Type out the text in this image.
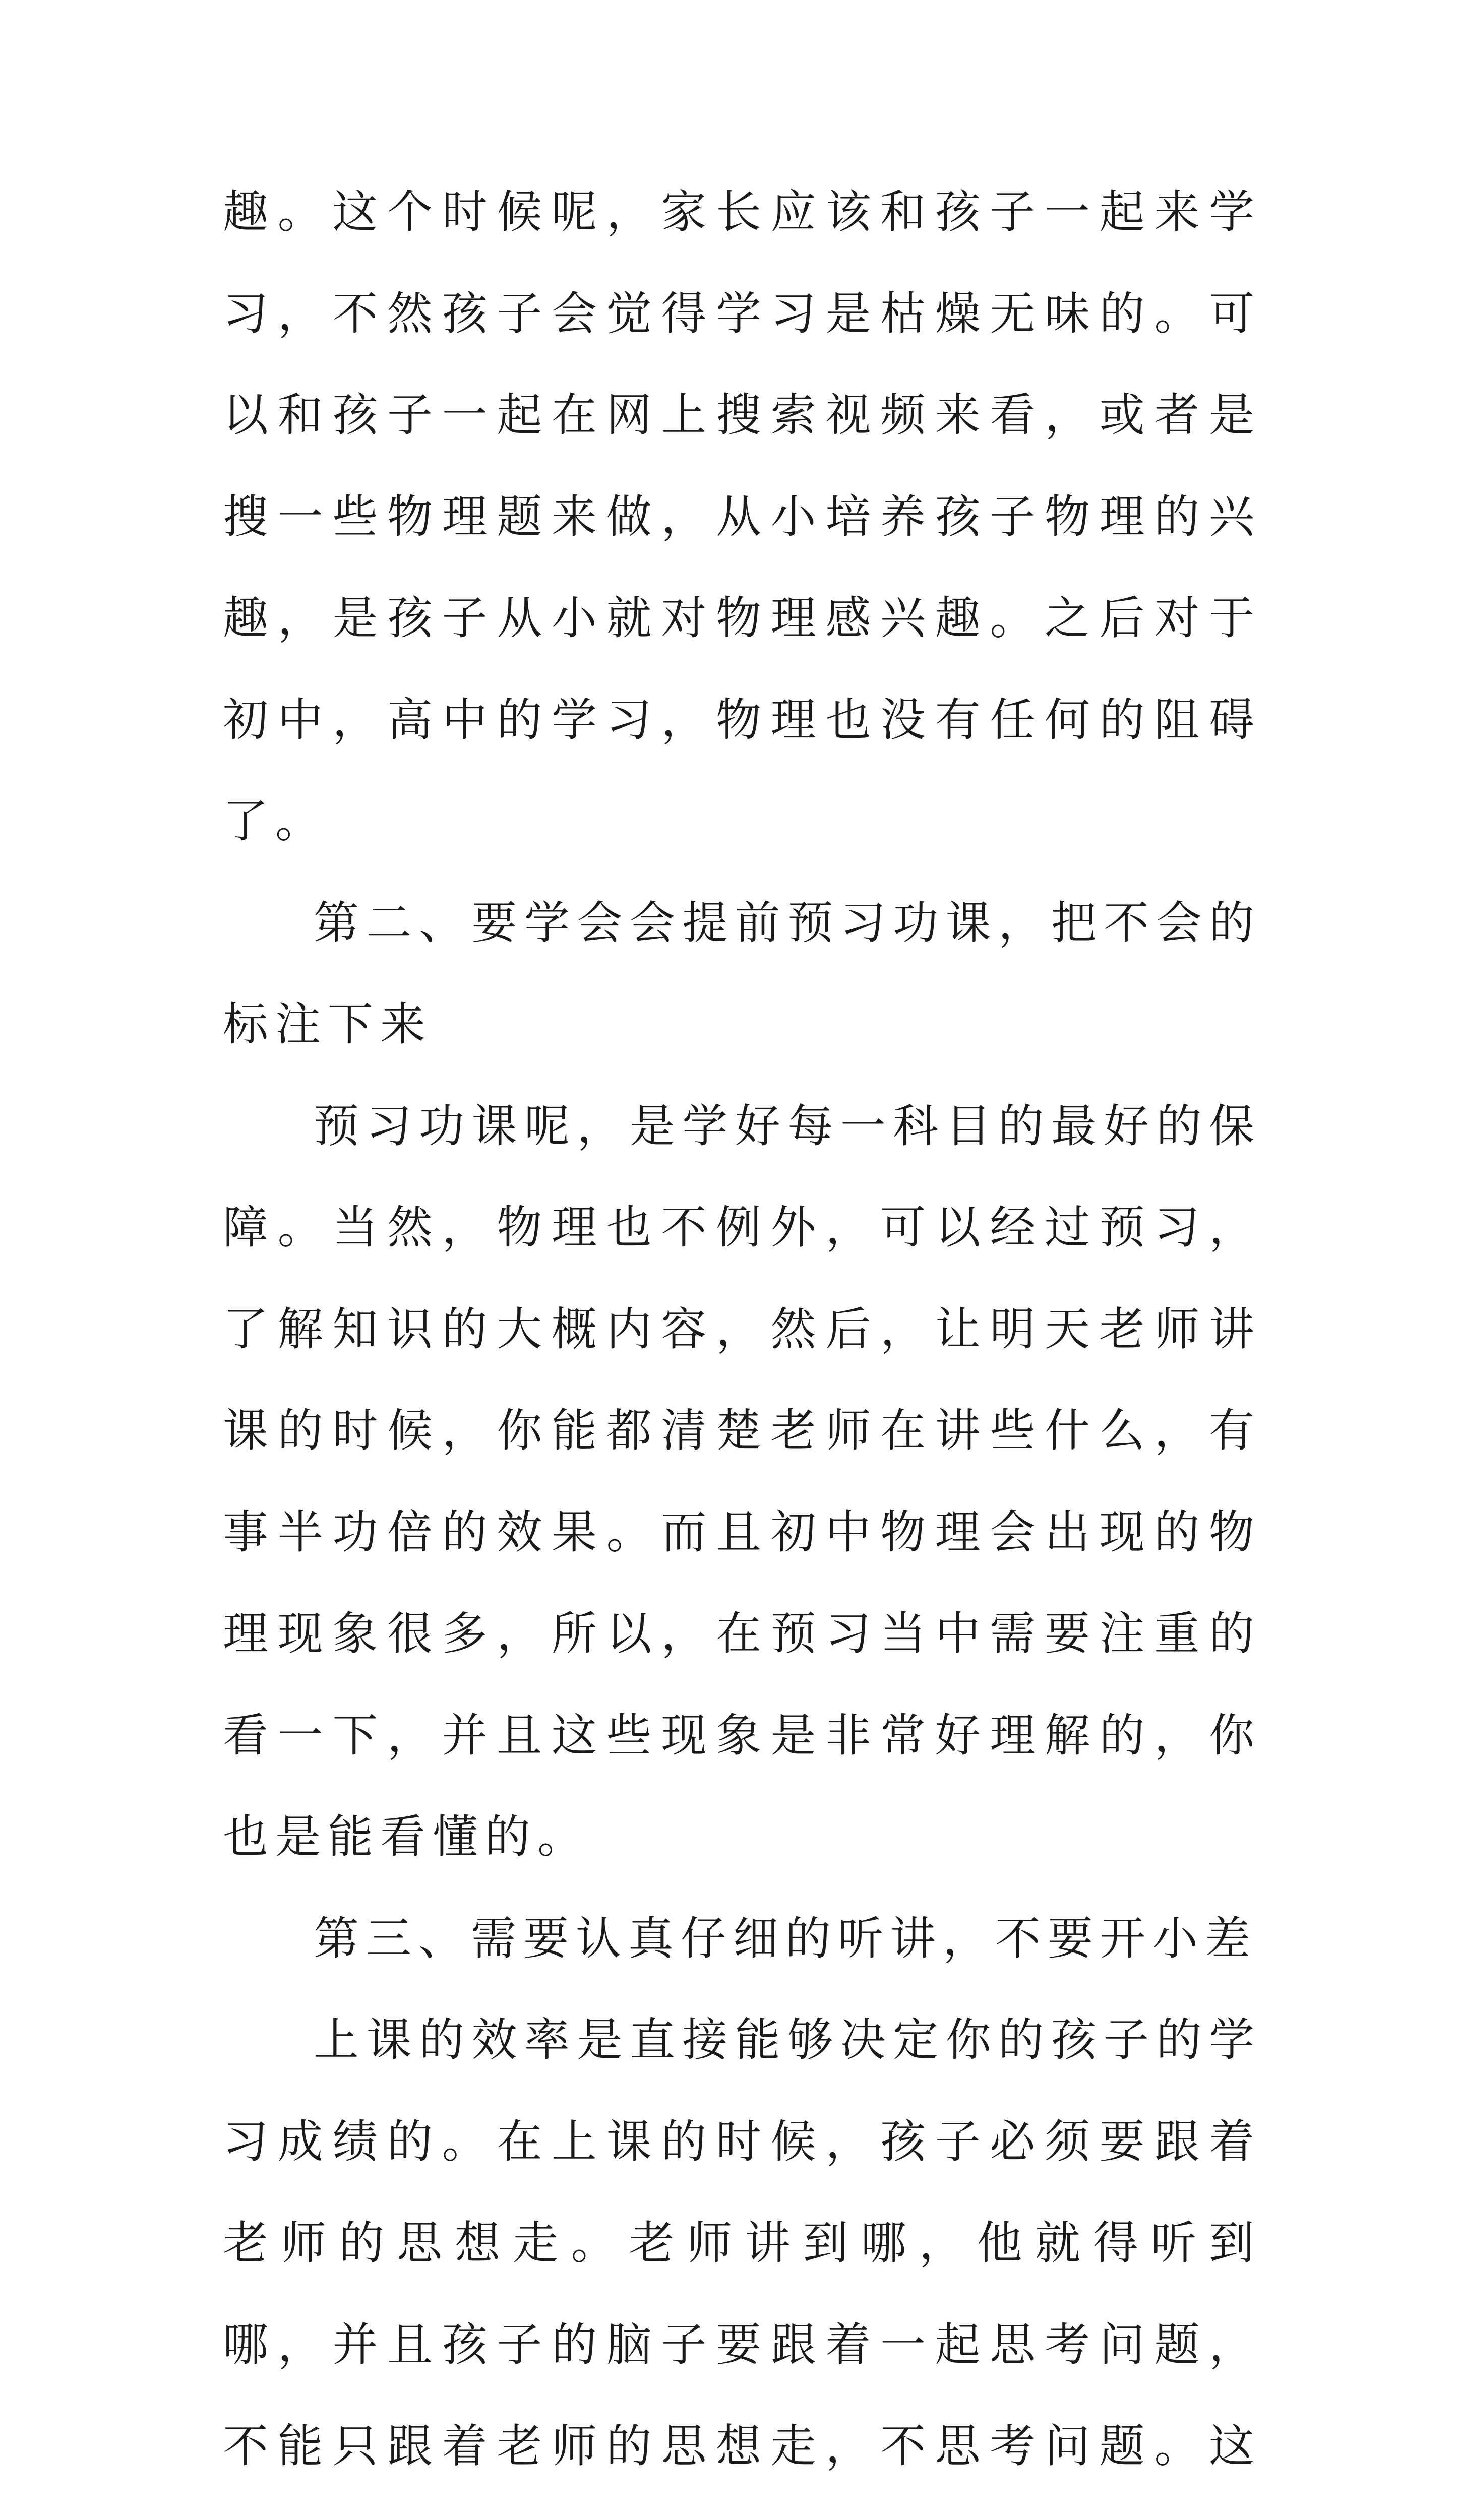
趣。这个时候呢，家长应该和孩子一起来学习，不然孩子会觉得学习是枯燥无味的。可以和孩子一起在网上搜索视频来看，或者是搜一些物理题来做，从小培养孩子物理的兴趣，是孩子从小就对物理感兴趣。之后对于初中，高中的学习，物理也没有任何的阻碍了。

第二、要学会会提前预习功课，把不会的标注下来

预习功课呢，是学好每一科目的最好的保障。当然，物理也不例外，可以经过预习，了解知识的大概内容，然后，让明天老师讲课的时候，你能都清楚老师在讲些什么，有事半功倍的效果。而且初中物理会出现的物理现象很多，所以，在预习当中需要注重的看一下，并且这些现象是非常好理解的，你也是能看懂的。

第三、需要认真仔细的听讲，不要开小差

上课的效率是直接能够决定你的孩子的学习成绩的。在上课的时候，孩子必须要跟着老师的思想走。老师讲到哪，他就得听到哪，并且孩子的脑子要跟着一起思考问题，不能只跟着老师的思想走，不思考问题。这
